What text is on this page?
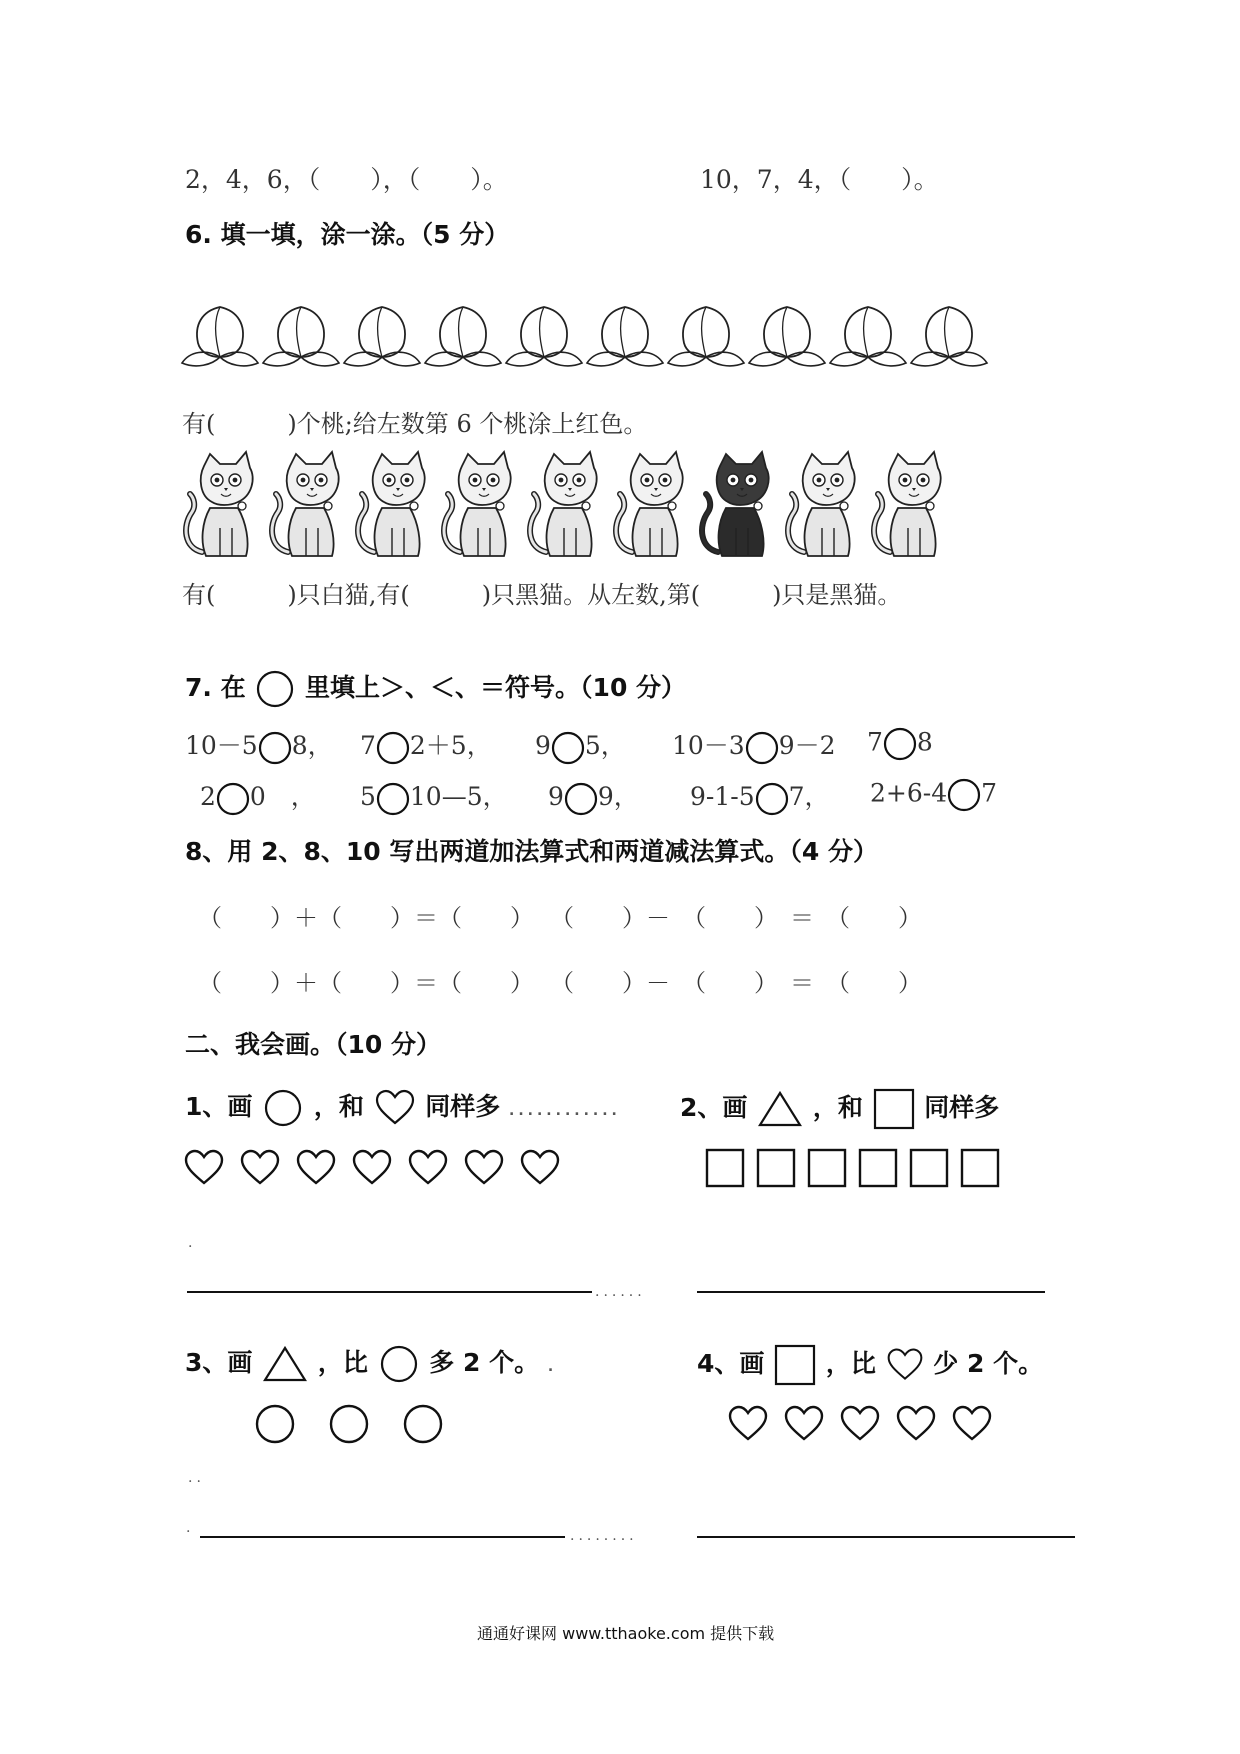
2，4，6，（　　），（　　）。	10，7，4，（　　）。
6. 填一填，涂一涂。（5 分）
有(　　　)个桃;给左数第 6 个桃涂上红色。
有(　　　)只白猫,有(　　　)只黑猫。从左数,第(　　　)只是黑猫。
7. 在 里填上＞、＜、＝符号。（10 分）
10－5 8， 7 2＋5， 9 5， 10－3 9－2 7 8
2 0　， 5 10—5， 9 9， 9-1-5 7， 2+6-4 7
8、用 2、8、10 写出两道加法算式和两道减法算式。（4 分）
（　　）＋（　　）＝（　　） （　　）－　（　　）　＝　（　　）
（　　）＋（　　）＝（　　） （　　）－　（　　）　＝　（　　）
二、我会画。（10 分）
1、画 ，和 同样多 ............ 2、画	，和 同样多
.
......
3、画	，比 多 2 个。 .	4、画 ，比 少 2 个。
..
.	........
通通好课网 www.tthaoke.com 提供下载
